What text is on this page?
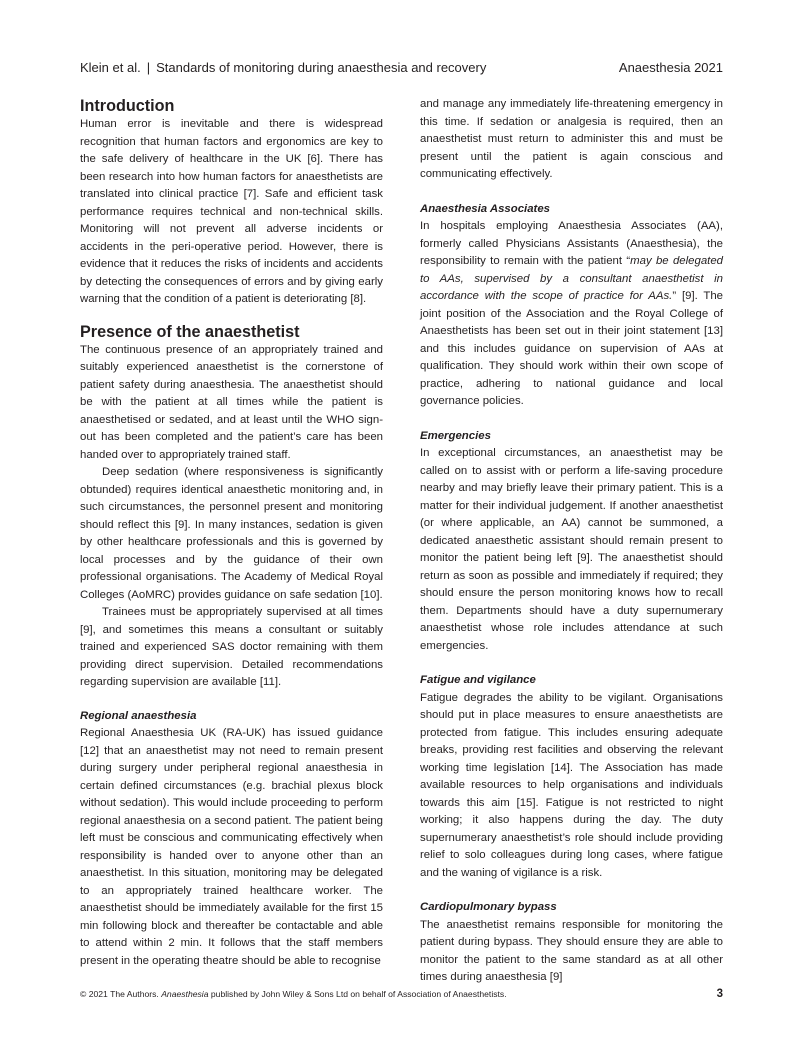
Klein et al. | Standards of monitoring during anaesthesia and recovery	Anaesthesia 2021
Introduction

Human error is inevitable and there is widespread recognition that human factors and ergonomics are key to the safe delivery of healthcare in the UK [6]. There has been research into how human factors for anaesthetists are translated into clinical practice [7]. Safe and efficient task performance requires technical and non-technical skills. Monitoring will not prevent all adverse incidents or accidents in the peri-operative period. However, there is evidence that it reduces the risks of incidents and accidents by detecting the consequences of errors and by giving early warning that the condition of a patient is deteriorating [8].

Presence of the anaesthetist

The continuous presence of an appropriately trained and suitably experienced anaesthetist is the cornerstone of patient safety during anaesthesia. The anaesthetist should be with the patient at all times while the patient is anaesthetised or sedated, and at least until the WHO sign-out has been completed and the patient’s care has been handed over to appropriately trained staff.

Deep sedation (where responsiveness is significantly obtunded) requires identical anaesthetic monitoring and, in such circumstances, the personnel present and monitoring should reflect this [9]. In many instances, sedation is given by other healthcare professionals and this is governed by local processes and by the guidance of their own professional organisations. The Academy of Medical Royal Colleges (AoMRC) provides guidance on safe sedation [10].

Trainees must be appropriately supervised at all times [9], and sometimes this means a consultant or suitably trained and experienced SAS doctor remaining with them providing direct supervision. Detailed recommendations regarding supervision are available [11].

Regional anaesthesia

Regional Anaesthesia UK (RA-UK) has issued guidance [12] that an anaesthetist may not need to remain present during surgery under peripheral regional anaesthesia in certain defined circumstances (e.g. brachial plexus block without sedation). This would include proceeding to perform regional anaesthesia on a second patient. The patient being left must be conscious and communicating effectively when responsibility is handed over to anyone other than an anaesthetist. In this situation, monitoring may be delegated to an appropriately trained healthcare worker. The anaesthetist should be immediately available for the first 15 min following block and thereafter be contactable and able to attend within 2 min. It follows that the staff members present in the operating theatre should be able to recognise

and manage any immediately life-threatening emergency in this time. If sedation or analgesia is required, then an anaesthetist must return to administer this and must be present until the patient is again conscious and communicating effectively.

Anaesthesia Associates

In hospitals employing Anaesthesia Associates (AA), formerly called Physicians Assistants (Anaesthesia), the responsibility to remain with the patient “may be delegated to AAs, supervised by a consultant anaesthetist in accordance with the scope of practice for AAs.” [9]. The joint position of the Association and the Royal College of Anaesthetists has been set out in their joint statement [13] and this includes guidance on supervision of AAs at qualification. They should work within their own scope of practice, adhering to national guidance and local governance policies.

Emergencies

In exceptional circumstances, an anaesthetist may be called on to assist with or perform a life-saving procedure nearby and may briefly leave their primary patient. This is a matter for their individual judgement. If another anaesthetist (or where applicable, an AA) cannot be summoned, a dedicated anaesthetic assistant should remain present to monitor the patient being left [9]. The anaesthetist should return as soon as possible and immediately if required; they should ensure the person monitoring knows how to recall them. Departments should have a duty supernumerary anaesthetist whose role includes attendance at such emergencies.

Fatigue and vigilance

Fatigue degrades the ability to be vigilant. Organisations should put in place measures to ensure anaesthetists are protected from fatigue. This includes ensuring adequate breaks, providing rest facilities and observing the relevant working time legislation [14]. The Association has made available resources to help organisations and individuals towards this aim [15]. Fatigue is not restricted to night working; it also happens during the day. The duty supernumerary anaesthetist’s role should include providing relief to solo colleagues during long cases, where fatigue and the waning of vigilance is a risk.

Cardiopulmonary bypass

The anaesthetist remains responsible for monitoring the patient during bypass. They should ensure they are able to monitor the patient to the same standard as at all other times during anaesthesia [9]

© 2021 The Authors. Anaesthesia published by John Wiley & Sons Ltd on behalf of Association of Anaesthetists.	3
